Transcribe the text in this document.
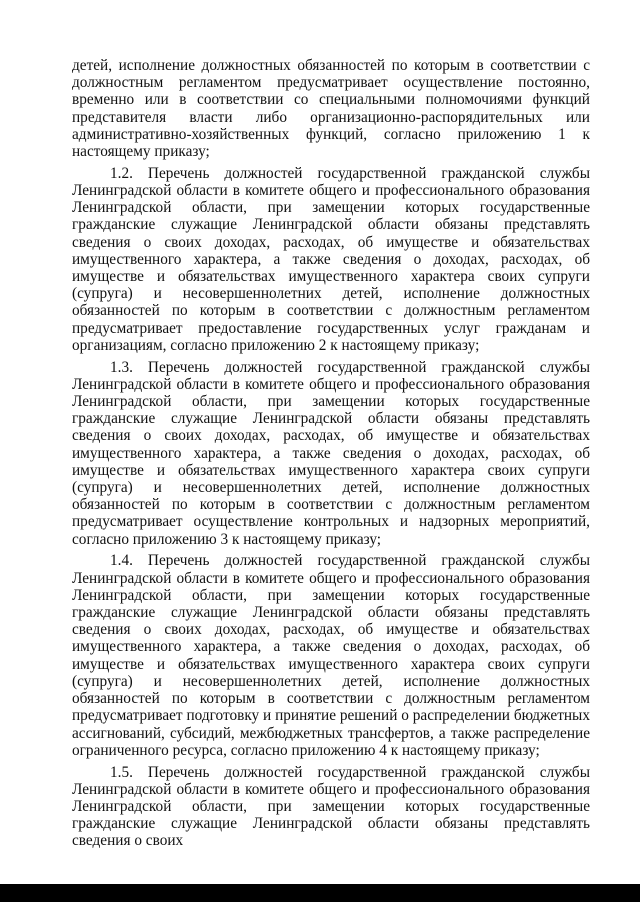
детей, исполнение должностных обязанностей по которым в соответствии с должностным регламентом предусматривает осуществление постоянно, временно или в соответствии со специальными полномочиями функций представителя власти либо организационно-распорядительных или административно-хозяйственных функций, согласно приложению 1 к настоящему приказу;

1.2. Перечень должностей государственной гражданской службы Ленинградской области в комитете общего и профессионального образования Ленинградской области, при замещении которых государственные гражданские служащие Ленинградской области обязаны представлять сведения о своих доходах, расходах, об имуществе и обязательствах имущественного характера, а также сведения о доходах, расходах, об имуществе и обязательствах имущественного характера своих супруги (супруга) и несовершеннолетних детей, исполнение должностных обязанностей по которым в соответствии с должностным регламентом предусматривает предоставление государственных услуг гражданам и организациям, согласно приложению 2 к настоящему приказу;

1.3. Перечень должностей государственной гражданской службы Ленинградской области в комитете общего и профессионального образования Ленинградской области, при замещении которых государственные гражданские служащие Ленинградской области обязаны представлять сведения о своих доходах, расходах, об имуществе и обязательствах имущественного характера, а также сведения о доходах, расходах, об имуществе и обязательствах имущественного характера своих супруги (супруга) и несовершеннолетних детей, исполнение должностных обязанностей по которым в соответствии с должностным регламентом предусматривает осуществление контрольных и надзорных мероприятий, согласно приложению 3 к настоящему приказу;

1.4. Перечень должностей государственной гражданской службы Ленинградской области в комитете общего и профессионального образования Ленинградской области, при замещении которых государственные гражданские служащие Ленинградской области обязаны представлять сведения о своих доходах, расходах, об имуществе и обязательствах имущественного характера, а также сведения о доходах, расходах, об имуществе и обязательствах имущественного характера своих супруги (супруга) и несовершеннолетних детей, исполнение должностных обязанностей по которым в соответствии с должностным регламентом предусматривает подготовку и принятие решений о распределении бюджетных ассигнований, субсидий, межбюджетных трансфертов, а также распределение ограниченного ресурса, согласно приложению 4 к настоящему приказу;

1.5. Перечень должностей государственной гражданской службы Ленинградской области в комитете общего и профессионального образования Ленинградской области, при замещении которых государственные гражданские служащие Ленинградской области обязаны представлять сведения о своих
